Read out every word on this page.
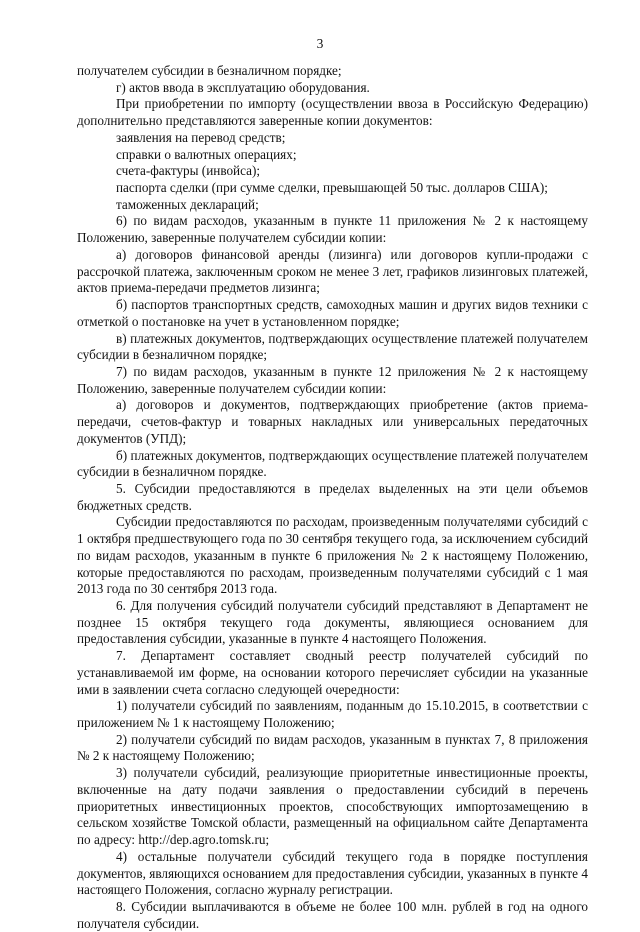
3

получателем субсидии в безналичном порядке;

г) актов ввода в эксплуатацию оборудования.

При приобретении по импорту (осуществлении ввоза в Российскую Федерацию) дополнительно представляются заверенные копии документов:

заявления на перевод средств;

справки о валютных операциях;

счета-фактуры (инвойса);

паспорта сделки (при сумме сделки, превышающей 50 тыс. долларов США);

таможенных деклараций;

6) по видам расходов, указанным в пункте 11 приложения № 2 к настоящему Положению, заверенные получателем субсидии копии:

а) договоров финансовой аренды (лизинга) или договоров купли-продажи с рассрочкой платежа, заключенным сроком не менее 3 лет, графиков лизинговых платежей, актов приема-передачи предметов лизинга;

б) паспортов транспортных средств, самоходных машин и других видов техники с отметкой о постановке на учет в установленном порядке;

в) платежных документов, подтверждающих осуществление платежей получателем субсидии в безналичном порядке;

7) по видам расходов, указанным в пункте 12 приложения № 2 к настоящему Положению, заверенные получателем субсидии копии:

а) договоров и документов, подтверждающих приобретение (актов приема-передачи, счетов-фактур и товарных накладных или универсальных передаточных документов (УПД);

б) платежных документов, подтверждающих осуществление платежей получателем субсидии в безналичном порядке.

5. Субсидии предоставляются в пределах выделенных на эти цели объемов бюджетных средств.

Субсидии предоставляются по расходам, произведенным получателями субсидий с 1 октября предшествующего года по 30 сентября текущего года, за исключением субсидий по видам расходов, указанным в пункте 6 приложения № 2 к настоящему Положению, которые предоставляются по расходам, произведенным получателями субсидий с 1 мая 2013 года по 30 сентября 2013 года.

6. Для получения субсидий получатели субсидий представляют в Департамент не позднее 15 октября текущего года документы, являющиеся основанием для предоставления субсидии, указанные в пункте 4 настоящего Положения.

7. Департамент составляет сводный реестр получателей субсидий по устанавливаемой им форме, на основании которого перечисляет субсидии на указанные ими в заявлении счета согласно следующей очередности:

1) получатели субсидий по заявлениям, поданным до 15.10.2015, в соответствии с приложением № 1 к настоящему Положению;

2) получатели субсидий по видам расходов, указанным в пунктах 7, 8 приложения № 2 к настоящему Положению;

3) получатели субсидий, реализующие приоритетные инвестиционные проекты, включенные на дату подачи заявления о предоставлении субсидий в перечень приоритетных инвестиционных проектов, способствующих импортозамещению в сельском хозяйстве Томской области, размещенный на официальном сайте Департамента по адресу: http://dep.agro.tomsk.ru;

4) остальные получатели субсидий текущего года в порядке поступления документов, являющихся основанием для предоставления субсидии, указанных в пункте 4 настоящего Положения, согласно журналу регистрации.

8. Субсидии выплачиваются в объеме не более 100 млн. рублей в год на одного получателя субсидии.
